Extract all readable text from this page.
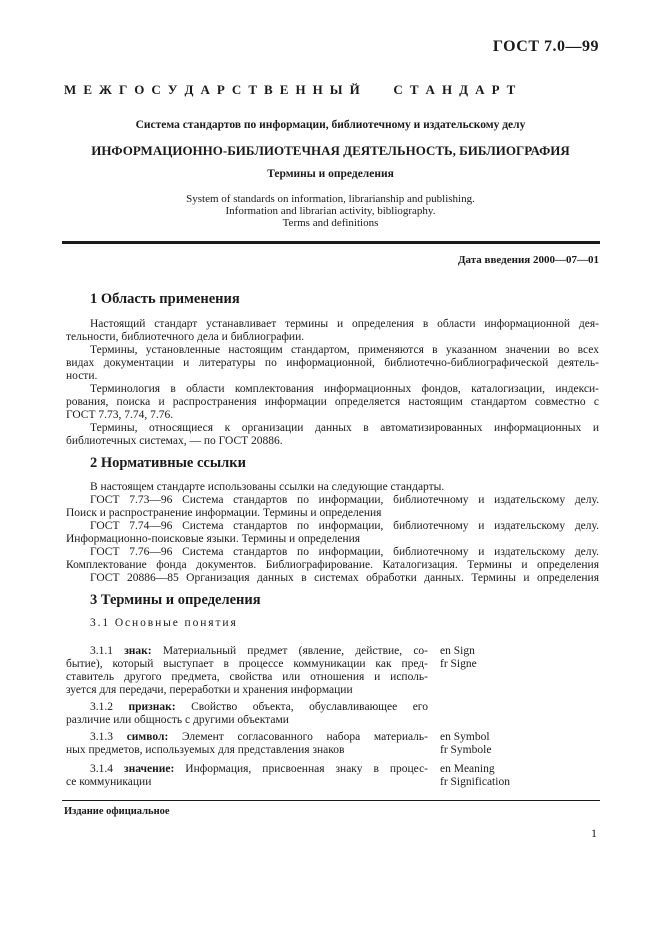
ГОСТ 7.0—99
М Е Ж Г О С У Д А Р С Т В Е Н Н Ы Й     С Т А Н Д А Р Т
Система стандартов по информации, библиотечному и издательскому делу
ИНФОРМАЦИОННО-БИБЛИОТЕЧНАЯ ДЕЯТЕЛЬНОСТЬ, БИБЛИОГРАФИЯ
Термины и определения
System of standards on information, librarianship and publishing.
Information and librarian activity, bibliography.
Terms and definitions
Дата введения 2000—07—01
1 Область применения
Настоящий стандарт устанавливает термины и определения в области информационной дея-
тельности, библиотечного дела и библиографии.
Термины, установленные настоящим стандартом, применяются в указанном значении во всех
видах документации и литературы по информационной, библиотечно-библиографической деятель-
ности.
Терминология в области комплектования информационных фондов, каталогизации, индекси-
рования, поиска и распространения информации определяется настоящим стандартом совместно с
ГОСТ 7.73, 7.74, 7.76.
Термины, относящиеся к организации данных в автоматизированных информационных и
библиотечных системах, — по ГОСТ 20886.
2 Нормативные ссылки
В настоящем стандарте использованы ссылки на следующие стандарты.
ГОСТ 7.73—96 Система стандартов по информации, библиотечному и издательскому делу.
Поиск и распространение информации. Термины и определения
ГОСТ 7.74—96 Система стандартов по информации, библиотечному и издательскому делу.
Информационно-поисковые языки. Термины и определения
ГОСТ 7.76—96 Система стандартов по информации, библиотечному и издательскому делу.
Комплектование фонда документов. Библиографирование. Каталогизация. Термины и определения
ГОСТ 20886—85 Организация данных в системах обработки данных. Термины и определения
3 Термины и определения
3.1 Основные понятия
3.1.1 знак: Материальный предмет (явление, действие, со-
бытие), который выступает в процессе коммуникации как пред-
ставитель другого предмета, свойства или отношения и исполь-
зуется для передачи, переработки и хранения информации
en Sign
fr Signe
3.1.2 признак: Свойство объекта, обуславливающее его
различие или общность с другими объектами
3.1.3 символ: Элемент согласованного набора материаль-
ных предметов, используемых для представления знаков
en Symbol
fr Symbole
3.1.4 значение: Информация, присвоенная знаку в процес-
се коммуникации
en Meaning
fr Signification
Издание официальное
1
